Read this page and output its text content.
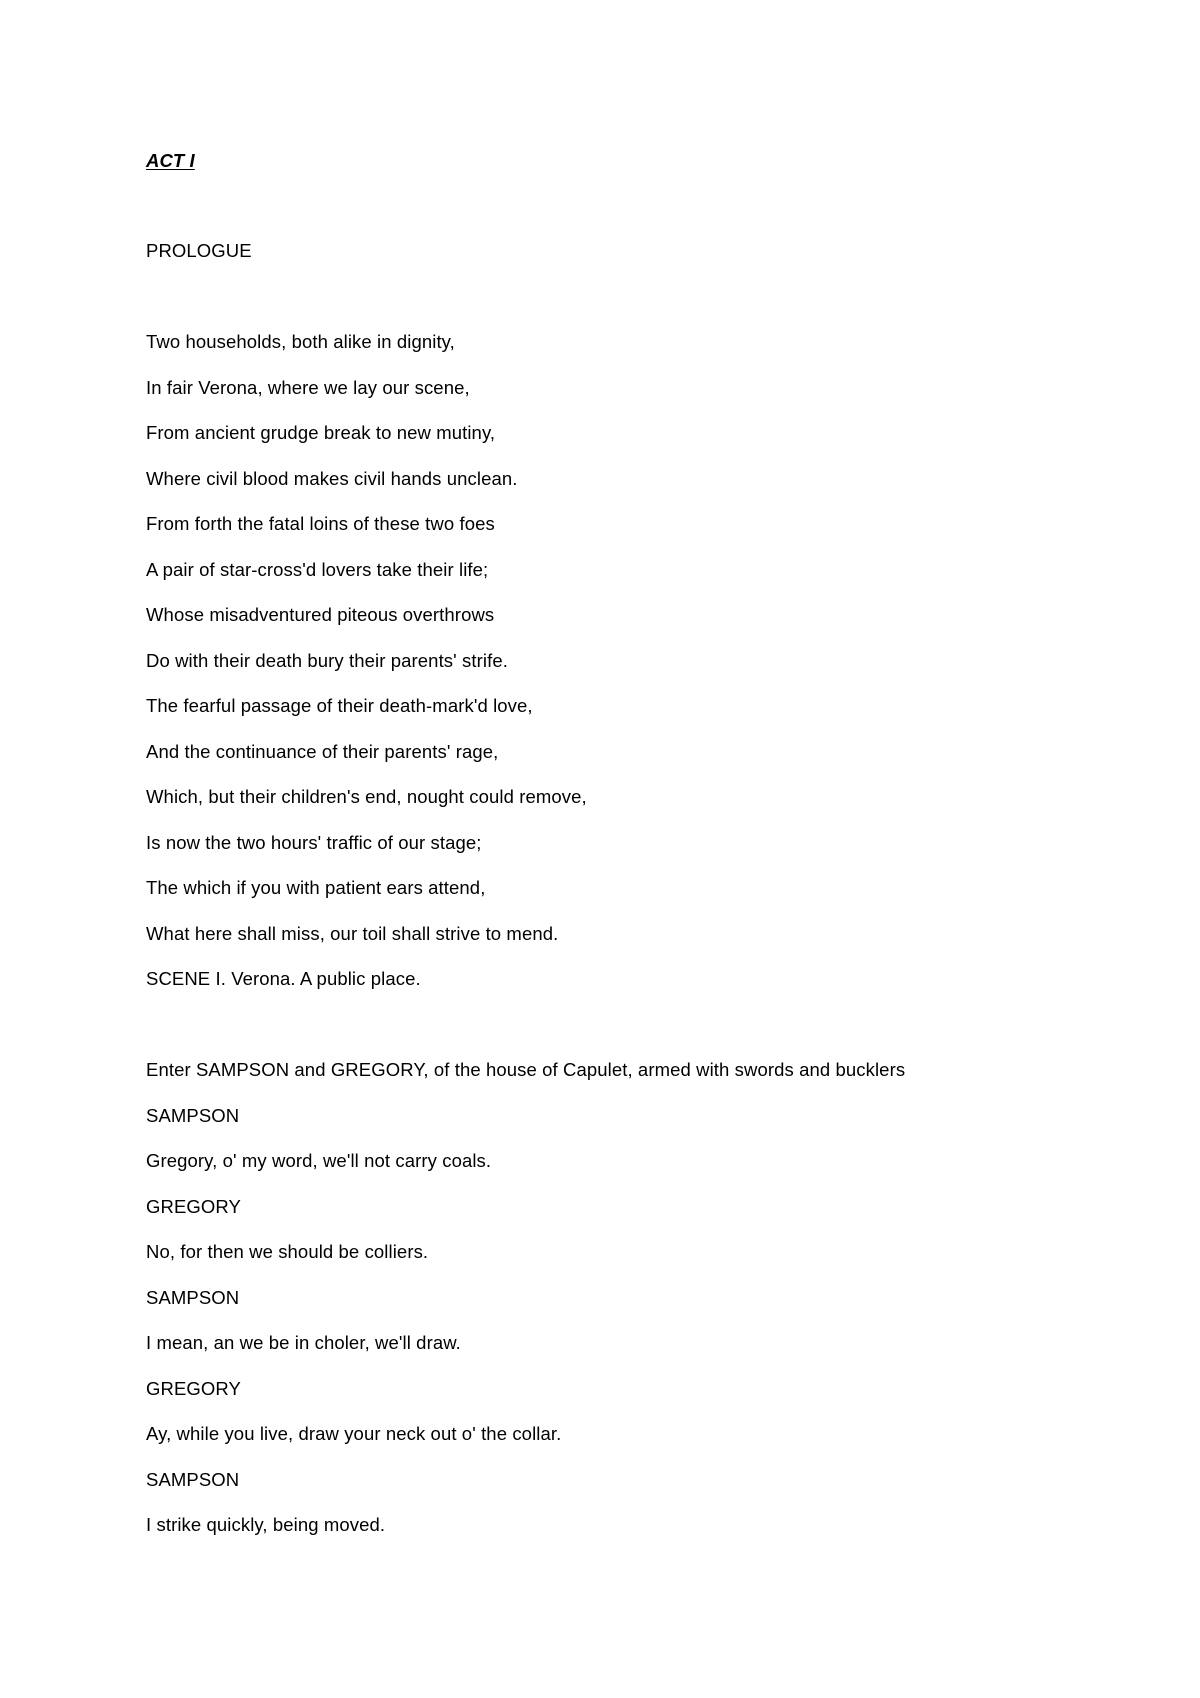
ACT I
PROLOGUE
Two households, both alike in dignity,
In fair Verona, where we lay our scene,
From ancient grudge break to new mutiny,
Where civil blood makes civil hands unclean.
From forth the fatal loins of these two foes
A pair of star-cross'd lovers take their life;
Whose misadventured piteous overthrows
Do with their death bury their parents' strife.
The fearful passage of their death-mark'd love,
And the continuance of their parents' rage,
Which, but their children's end, nought could remove,
Is now the two hours' traffic of our stage;
The which if you with patient ears attend,
What here shall miss, our toil shall strive to mend.
SCENE I. Verona. A public place.
Enter SAMPSON and GREGORY, of the house of Capulet, armed with swords and bucklers
SAMPSON
Gregory, o' my word, we'll not carry coals.
GREGORY
No, for then we should be colliers.
SAMPSON
I mean, an we be in choler, we'll draw.
GREGORY
Ay, while you live, draw your neck out o' the collar.
SAMPSON
I strike quickly, being moved.
